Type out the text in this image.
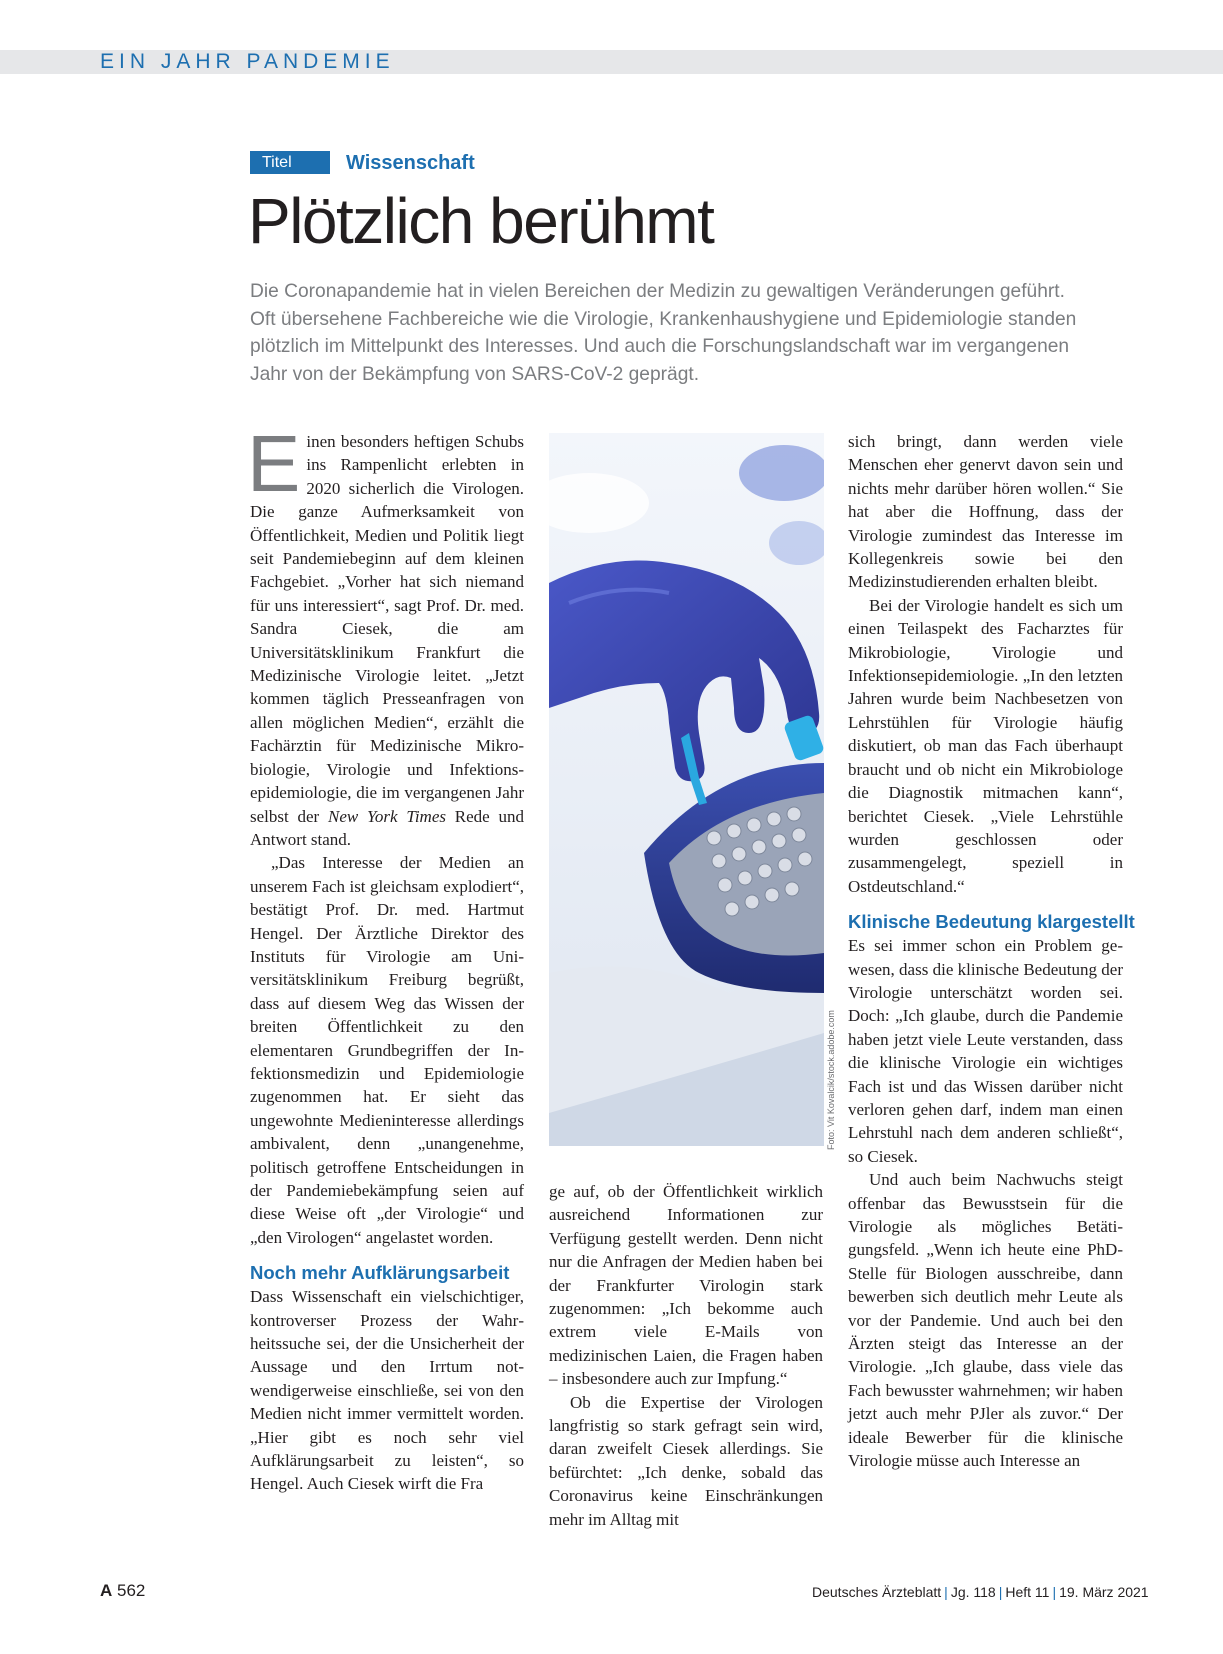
EIN JAHR PANDEMIE
Titel	Wissenschaft
Plötzlich berühmt

Die Coronapandemie hat in vielen Bereichen der Medizin zu gewaltigen Veränderungen geführt.

Oft übersehene Fachbereiche wie die Virologie, Krankenhaushygiene und Epidemiologie standen

plötzlich im Mittelpunkt des Interesses. Und auch die Forschungslandschaft war im vergangenen

Jahr von der Bekämpfung von SARS-CoV-2 geprägt.

Einen besonders heftigen Schubs ins Rampenlicht erlebten in 2020 sicherlich die Virologen. Die ganze Aufmerksamkeit von Öffentlichkeit, Medien und Politik liegt seit Pandemiebeginn auf dem kleinen Fachgebiet. „Vorher hat sich niemand für uns interessiert“, sagt Prof. Dr. med. Sandra Ciesek, die am Universitätsklinikum Frankfurt die Medizinische Virologie leitet. „Jetzt kommen täglich Presseanfragen von allen möglichen Medien“, erzählt die Fachärztin für Medizinische Mikrobiologie, Virologie und Infektionsepidemiologie, die im vergangenen Jahr selbst der New York Times Rede und Antwort stand.

„Das Interesse der Medien an unserem Fach ist gleichsam explodiert“, bestätigt Prof. Dr. med. Hartmut Hengel. Der Ärztliche Direktor des Instituts für Virologie am Universitätsklinikum Freiburg begrüßt, dass auf diesem Weg das Wissen der breiten Öffentlichkeit zu den elementaren Grundbegriffen der Infektionsmedizin und Epidemiologie zugenommen hat. Er sieht das ungewohnte Medieninteresse allerdings ambivalent, denn „unangenehme, politisch getroffene Entscheidungen in der Pandemiebekämpfung seien auf diese Weise oft „der Virologie“ und „den Virologen“ angelastet worden.

Noch mehr Aufklärungsarbeit

Dass Wissenschaft ein vielschichtiger, kontroverser Prozess der Wahrheitssuche sei, der die Unsicherheit der Aussage und den Irrtum notwendigerweise einschließe, sei von den Medien nicht immer vermittelt worden. „Hier gibt es noch sehr viel Aufklärungsarbeit zu leisten“, so Hengel. Auch Ciesek wirft die Fra

Foto: Vit Kovalcik/stock.adobe.com

ge auf, ob der Öffentlichkeit wirklich ausreichend Informationen zur Verfügung gestellt werden. Denn nicht nur die Anfragen der Medien haben bei der Frankfurter Virologin stark zugenommen: „Ich bekomme auch extrem viele E-Mails von medizinischen Laien, die Fragen haben – insbesondere auch zur Impfung.“

Ob die Expertise der Virologen langfristig so stark gefragt sein wird, daran zweifelt Ciesek allerdings. Sie befürchtet: „Ich denke, sobald das Coronavirus keine Einschränkungen mehr im Alltag mit

sich bringt, dann werden viele Menschen eher genervt davon sein und nichts mehr darüber hören wollen.“ Sie hat aber die Hoffnung, dass der Virologie zumindest das Interesse im Kollegenkreis sowie bei den Medizinstudierenden erhalten bleibt.

Bei der Virologie handelt es sich um einen Teilaspekt des Facharztes für Mikrobiologie, Virologie und Infektionsepidemiologie. „In den letzten Jahren wurde beim Nachbesetzen von Lehrstühlen für Virologie häufig diskutiert, ob man das Fach überhaupt braucht und ob nicht ein Mikrobiologe die Diagnostik mitmachen kann“, berichtet Ciesek. „Viele Lehrstühle wurden geschlossen oder zusammengelegt, speziell in Ostdeutschland.“

Klinische Bedeutung klargestellt

Es sei immer schon ein Problem gewesen, dass die klinische Bedeutung der Virologie unterschätzt worden sei. Doch: „Ich glaube, durch die Pandemie haben jetzt viele Leute verstanden, dass die klinische Virologie ein wichtiges Fach ist und das Wissen darüber nicht verloren gehen darf, indem man einen Lehrstuhl nach dem anderen schließt“, so Ciesek.

Und auch beim Nachwuchs steigt offenbar das Bewusstsein für die Virologie als mögliches Betätigungsfeld. „Wenn ich heute eine PhD-Stelle für Biologen ausschreibe, dann bewerben sich deutlich mehr Leute als vor der Pandemie. Und auch bei den Ärzten steigt das Interesse an der Virologie. „Ich glaube, dass viele das Fach bewusster wahrnehmen; wir haben jetzt auch mehr PJler als zuvor.“ Der ideale Bewerber für die klinische Virologie müsse auch Interesse an

A 562	Deutsches Ärzteblatt | Jg. 118 | Heft 11 | 19. März 2021
